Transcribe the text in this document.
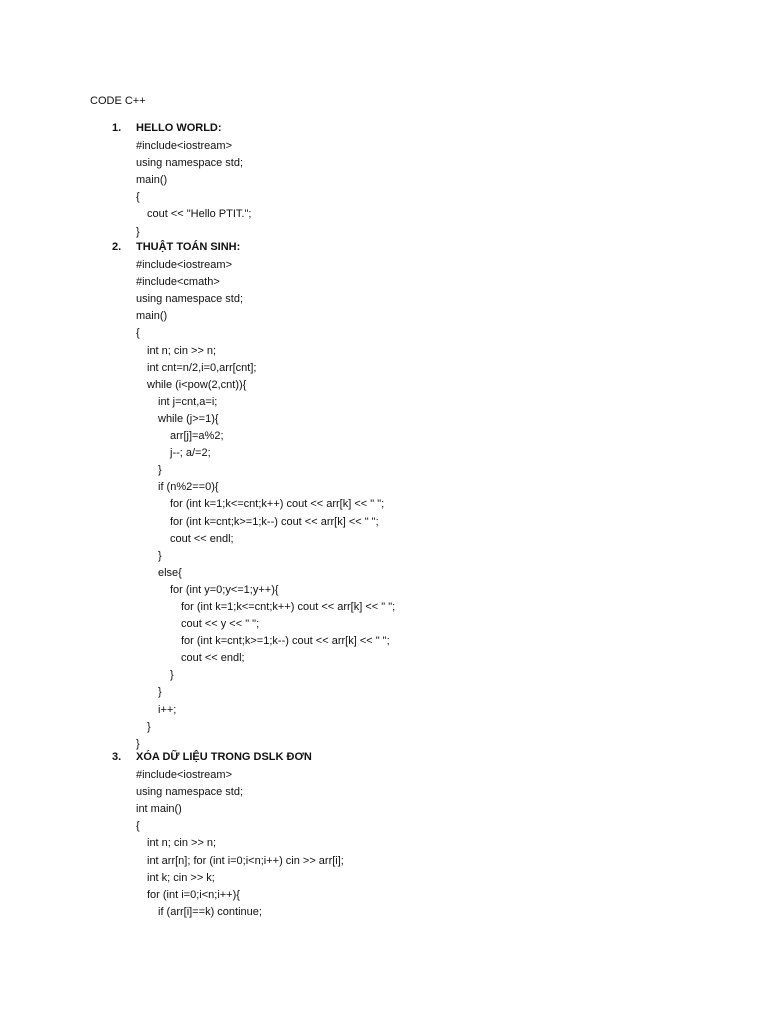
CODE C++
1. HELLO WORLD:
#include<iostream>
using namespace std;
main()
{
cout << "Hello PTIT.";
}
2. THUẬT TOÁN SINH:
#include<iostream>
#include<cmath>
using namespace std;
main()
{
int n; cin >> n;
int cnt=n/2,i=0,arr[cnt];
while (i<pow(2,cnt)){
int j=cnt,a=i;
while (j>=1){
arr[j]=a%2;
j--; a/=2;
}
if (n%2==0){
for (int k=1;k<=cnt;k++) cout << arr[k] << " ";
for (int k=cnt;k>=1;k--) cout << arr[k] << " ";
cout << endl;
}
else{
for (int y=0;y<=1;y++){
for (int k=1;k<=cnt;k++) cout << arr[k] << " ";
cout << y << " ";
for (int k=cnt;k>=1;k--) cout << arr[k] << " ";
cout << endl;
}
}
i++;
}
}
3. XÓA DỮ LIỆU TRONG DSLK ĐƠN
#include<iostream>
using namespace std;
int main()
{
int n; cin >> n;
int arr[n]; for (int i=0;i<n;i++) cin >> arr[i];
int k; cin >> k;
for (int i=0;i<n;i++){
if (arr[i]==k) continue;
